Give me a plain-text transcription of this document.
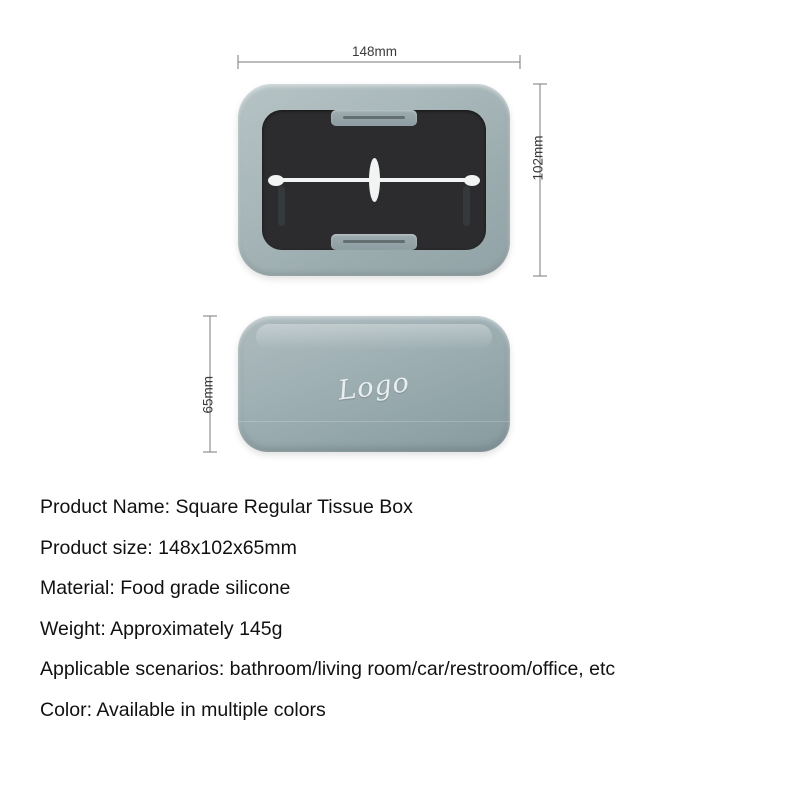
148mm
102mm
65mm	Logo
Product Name: Square Regular Tissue Box
Product size: 148x102x65mm
Material: Food grade silicone
Weight: Approximately 145g
Applicable scenarios: bathroom/living room/car/restroom/office, etc
Color: Available in multiple colors
